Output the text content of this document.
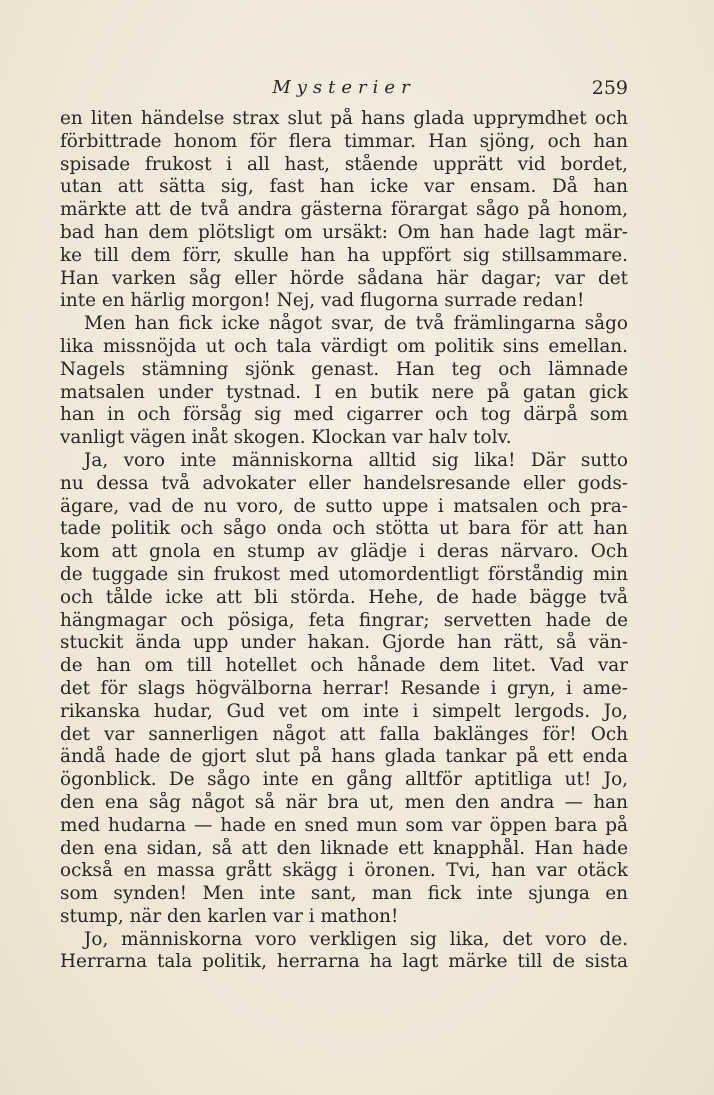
Mysterier	259
en liten händelse strax slut på hans glada upprymdhet och
förbittrade honom för flera timmar. Han sjöng, och han
spisade frukost i all hast, stående upprätt vid bordet,
utan att sätta sig, fast han icke var ensam. Då han
märkte att de två andra gästerna förargat sågo på honom,
bad han dem plötsligt om ursäkt: Om han hade lagt mär-
ke till dem förr, skulle han ha uppfört sig stillsammare.
Han varken såg eller hörde sådana här dagar; var det
inte en härlig morgon! Nej, vad flugorna surrade redan!
Men han fick icke något svar, de två främlingarna sågo
lika missnöjda ut och tala värdigt om politik sins emellan.
Nagels stämning sjönk genast. Han teg och lämnade
matsalen under tystnad. I en butik nere på gatan gick
han in och försåg sig med cigarrer och tog därpå som
vanligt vägen inåt skogen. Klockan var halv tolv.
Ja, voro inte människorna alltid sig lika! Där sutto
nu dessa två advokater eller handelsresande eller gods-
ägare, vad de nu voro, de sutto uppe i matsalen och pra-
tade politik och sågo onda och stötta ut bara för att han
kom att gnola en stump av glädje i deras närvaro. Och
de tuggade sin frukost med utomordentligt förståndig min
och tålde icke att bli störda. Hehe, de hade bägge två
hängmagar och pösiga, feta fingrar; servetten hade de
stuckit ända upp under hakan. Gjorde han rätt, så vän-
de han om till hotellet och hånade dem litet. Vad var
det för slags högvälborna herrar! Resande i gryn, i ame-
rikanska hudar, Gud vet om inte i simpelt lergods. Jo,
det var sannerligen något att falla baklänges för! Och
ändå hade de gjort slut på hans glada tankar på ett enda
ögonblick. De sågo inte en gång alltför aptitliga ut! Jo,
den ena såg något så när bra ut, men den andra — han
med hudarna — hade en sned mun som var öppen bara på
den ena sidan, så att den liknade ett knapphål. Han hade
också en massa grått skägg i öronen. Tvi, han var otäck
som synden! Men inte sant, man fick inte sjunga en
stump, när den karlen var i mathon!
Jo, människorna voro verkligen sig lika, det voro de.
Herrarna tala politik, herrarna ha lagt märke till de sista
